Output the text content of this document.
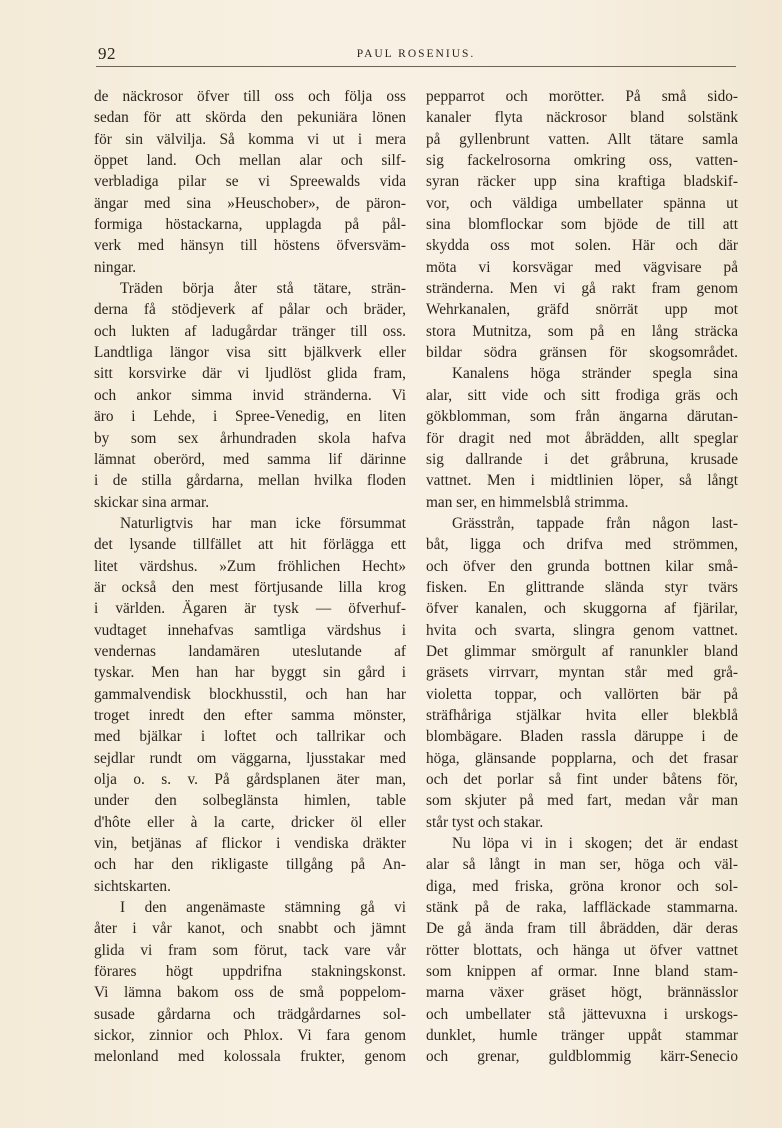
92	PAUL ROSENIUS.
de näckrosor öfver till oss och följa oss
sedan för att skörda den pekuniära lönen
för sin välvilja. Så komma vi ut i mera
öppet land. Och mellan alar och silf-
verbladiga pilar se vi Spreewalds vida
ängar med sina »Heuschober», de päron-
formiga höstackarna, upplagda på pål-
verk med hänsyn till höstens öfversväm-
ningar.
Träden börja åter stå tätare, strän-
derna få stödjeverk af pålar och bräder,
och lukten af ladugårdar tränger till oss.
Landtliga längor visa sitt bjälkverk eller
sitt korsvirke där vi ljudlöst glida fram,
och ankor simma invid stränderna. Vi
äro i Lehde, i Spree-Venedig, en liten
by som sex århundraden skola hafva
lämnat oberörd, med samma lif därinne
i de stilla gårdarna, mellan hvilka floden
skickar sina armar.
Naturligtvis har man icke försummat
det lysande tillfället att hit förlägga ett
litet värdshus. »Zum fröhlichen Hecht»
är också den mest förtjusande lilla krog
i världen. Ägaren är tysk — öfverhuf-
vudtaget innehafvas samtliga värdshus i
vendernas landamären uteslutande af
tyskar. Men han har byggt sin gård i
gammalvendisk blockhusstil, och han har
troget inredt den efter samma mönster,
med bjälkar i loftet och tallrikar och
sejdlar rundt om väggarna, ljusstakar med
olja o. s. v. På gårdsplanen äter man,
under den solbeglänsta himlen, table
d'hôte eller à la carte, dricker öl eller
vin, betjänas af flickor i vendiska dräkter
och har den rikligaste tillgång på An-
sichtskarten.
I den angenämaste stämning gå vi
åter i vår kanot, och snabbt och jämnt
glida vi fram som förut, tack vare vår
förares högt uppdrifna stakningskonst.
Vi lämna bakom oss de små poppelom-
susade gårdarna och trädgårdarnes sol-
sickor, zinnior och Phlox. Vi fara genom
melonland med kolossala frukter, genom
pepparrot och morötter. På små sido-
kanaler flyta näckrosor bland solstänk
på gyllenbrunt vatten. Allt tätare samla
sig fackelrosorna omkring oss, vatten-
syran räcker upp sina kraftiga bladskif-
vor, och väldiga umbellater spänna ut
sina blomflockar som bjöde de till att
skydda oss mot solen. Här och där
möta vi korsvägar med vägvisare på
stränderna. Men vi gå rakt fram genom
Wehrkanalen, gräfd snörrät upp mot
stora Mutnitza, som på en lång sträcka
bildar södra gränsen för skogsområdet.
Kanalens höga stränder spegla sina
alar, sitt vide och sitt frodiga gräs och
gökblomman, som från ängarna därutan-
för dragit ned mot åbrädden, allt speglar
sig dallrande i det gråbruna, krusade
vattnet. Men i midtlinien löper, så långt
man ser, en himmelsblå strimma.
Grässtrån, tappade från någon last-
båt, ligga och drifva med strömmen,
och öfver den grunda bottnen kilar små-
fisken. En glittrande slända styr tvärs
öfver kanalen, och skuggorna af fjärilar,
hvita och svarta, slingra genom vattnet.
Det glimmar smörgult af ranunkler bland
gräsets virrvarr, myntan står med grå-
violetta toppar, och vallörten bär på
sträfhåriga stjälkar hvita eller blekblå
blombägare. Bladen rassla däruppe i de
höga, glänsande popplarna, och det frasar
och det porlar så fint under båtens för,
som skjuter på med fart, medan vår man
står tyst och stakar.
Nu löpa vi in i skogen; det är endast
alar så långt in man ser, höga och väl-
diga, med friska, gröna kronor och sol-
stänk på de raka, laffläckade stammarna.
De gå ända fram till åbrädden, där deras
rötter blottats, och hänga ut öfver vattnet
som knippen af ormar. Inne bland stam-
marna växer gräset högt, brännässlor
och umbellater stå jättevuxna i urskogs-
dunklet, humle tränger uppåt stammar
och grenar, guldblommig kärr-Senecio
